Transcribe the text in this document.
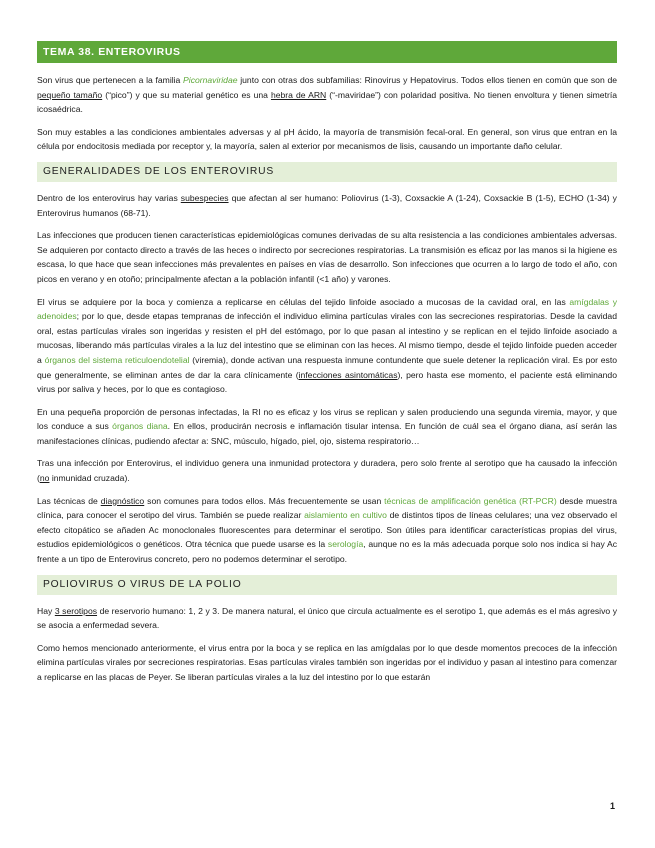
TEMA 38. ENTEROVIRUS

Son virus que pertenecen a la familia Picornaviridae junto con otras dos subfamilias: Rinovirus y Hepatovirus. Todos ellos tienen en común que son de pequeño tamaño (“pico”) y que su material genético es una hebra de ARN (“-maviridae”) con polaridad positiva. No tienen envoltura y tienen simetría icosaédrica.

Son muy estables a las condiciones ambientales adversas y al pH ácido, la mayoría de transmisión fecal-oral. En general, son virus que entran en la célula por endocitosis mediada por receptor y, la mayoría, salen al exterior por mecanismos de lisis, causando un importante daño celular.

GENERALIDADES DE LOS ENTEROVIRUS

Dentro de los enterovirus hay varias subespecies que afectan al ser humano: Poliovirus (1-3), Coxsackie A (1-24), Coxsackie B (1-5), ECHO (1-34) y Enterovirus humanos (68-71).

Las infecciones que producen tienen características epidemiológicas comunes derivadas de su alta resistencia a las condiciones ambientales adversas. Se adquieren por contacto directo a través de las heces o indirecto por secreciones respiratorias. La transmisión es eficaz por las manos si la higiene es escasa, lo que hace que sean infecciones más prevalentes en países en vías de desarrollo. Son infecciones que ocurren a lo largo de todo el año, con picos en verano y en otoño; principalmente afectan a la población infantil (<1 año) y varones.

El virus se adquiere por la boca y comienza a replicarse en células del tejido linfoide asociado a mucosas de la cavidad oral, en las amígdalas y adenoides; por lo que, desde etapas tempranas de infección el individuo elimina partículas virales con las secreciones respiratorias. Desde la cavidad oral, estas partículas virales son ingeridas y resisten el pH del estómago, por lo que pasan al intestino y se replican en el tejido linfoide asociado a mucosas, liberando más partículas virales a la luz del intestino que se eliminan con las heces. Al mismo tiempo, desde el tejido linfoide pueden acceder a órganos del sistema reticuloendotelial (viremia), donde activan una respuesta inmune contundente que suele detener la replicación viral. Es por esto que generalmente, se eliminan antes de dar la cara clínicamente (infecciones asintomáticas), pero hasta ese momento, el paciente está eliminando virus por saliva y heces, por lo que es contagioso.

En una pequeña proporción de personas infectadas, la RI no es eficaz y los virus se replican y salen produciendo una segunda viremia, mayor, y que los conduce a sus órganos diana. En ellos, producirán necrosis e inflamación tisular intensa. En función de cuál sea el órgano diana, así serán las manifestaciones clínicas, pudiendo afectar a: SNC, músculo, hígado, piel, ojo, sistema respiratorio…

Tras una infección por Enterovirus, el individuo genera una inmunidad protectora y duradera, pero solo frente al serotipo que ha causado la infección (no inmunidad cruzada).

Las técnicas de diagnóstico son comunes para todos ellos. Más frecuentemente se usan técnicas de amplificación genética (RT-PCR) desde muestra clínica, para conocer el serotipo del virus. También se puede realizar aislamiento en cultivo de distintos tipos de líneas celulares; una vez observado el efecto citopático se añaden Ac monoclonales fluorescentes para determinar el serotipo. Son útiles para identificar características propias del virus, estudios epidemiológicos o genéticos. Otra técnica que puede usarse es la serología, aunque no es la más adecuada porque solo nos indica si hay Ac frente a un tipo de Enterovirus concreto, pero no podemos determinar el serotipo.

POLIOVIRUS O VIRUS DE LA POLIO

Hay 3 serotipos de reservorio humano: 1, 2 y 3. De manera natural, el único que circula actualmente es el serotipo 1, que además es el más agresivo y se asocia a enfermedad severa.

Como hemos mencionado anteriormente, el virus entra por la boca y se replica en las amígdalas por lo que desde momentos precoces de la infección elimina partículas virales por secreciones respiratorias. Esas partículas virales también son ingeridas por el individuo y pasan al intestino para comenzar a replicarse en las placas de Peyer. Se liberan partículas virales a la luz del intestino por lo que estarán

1
